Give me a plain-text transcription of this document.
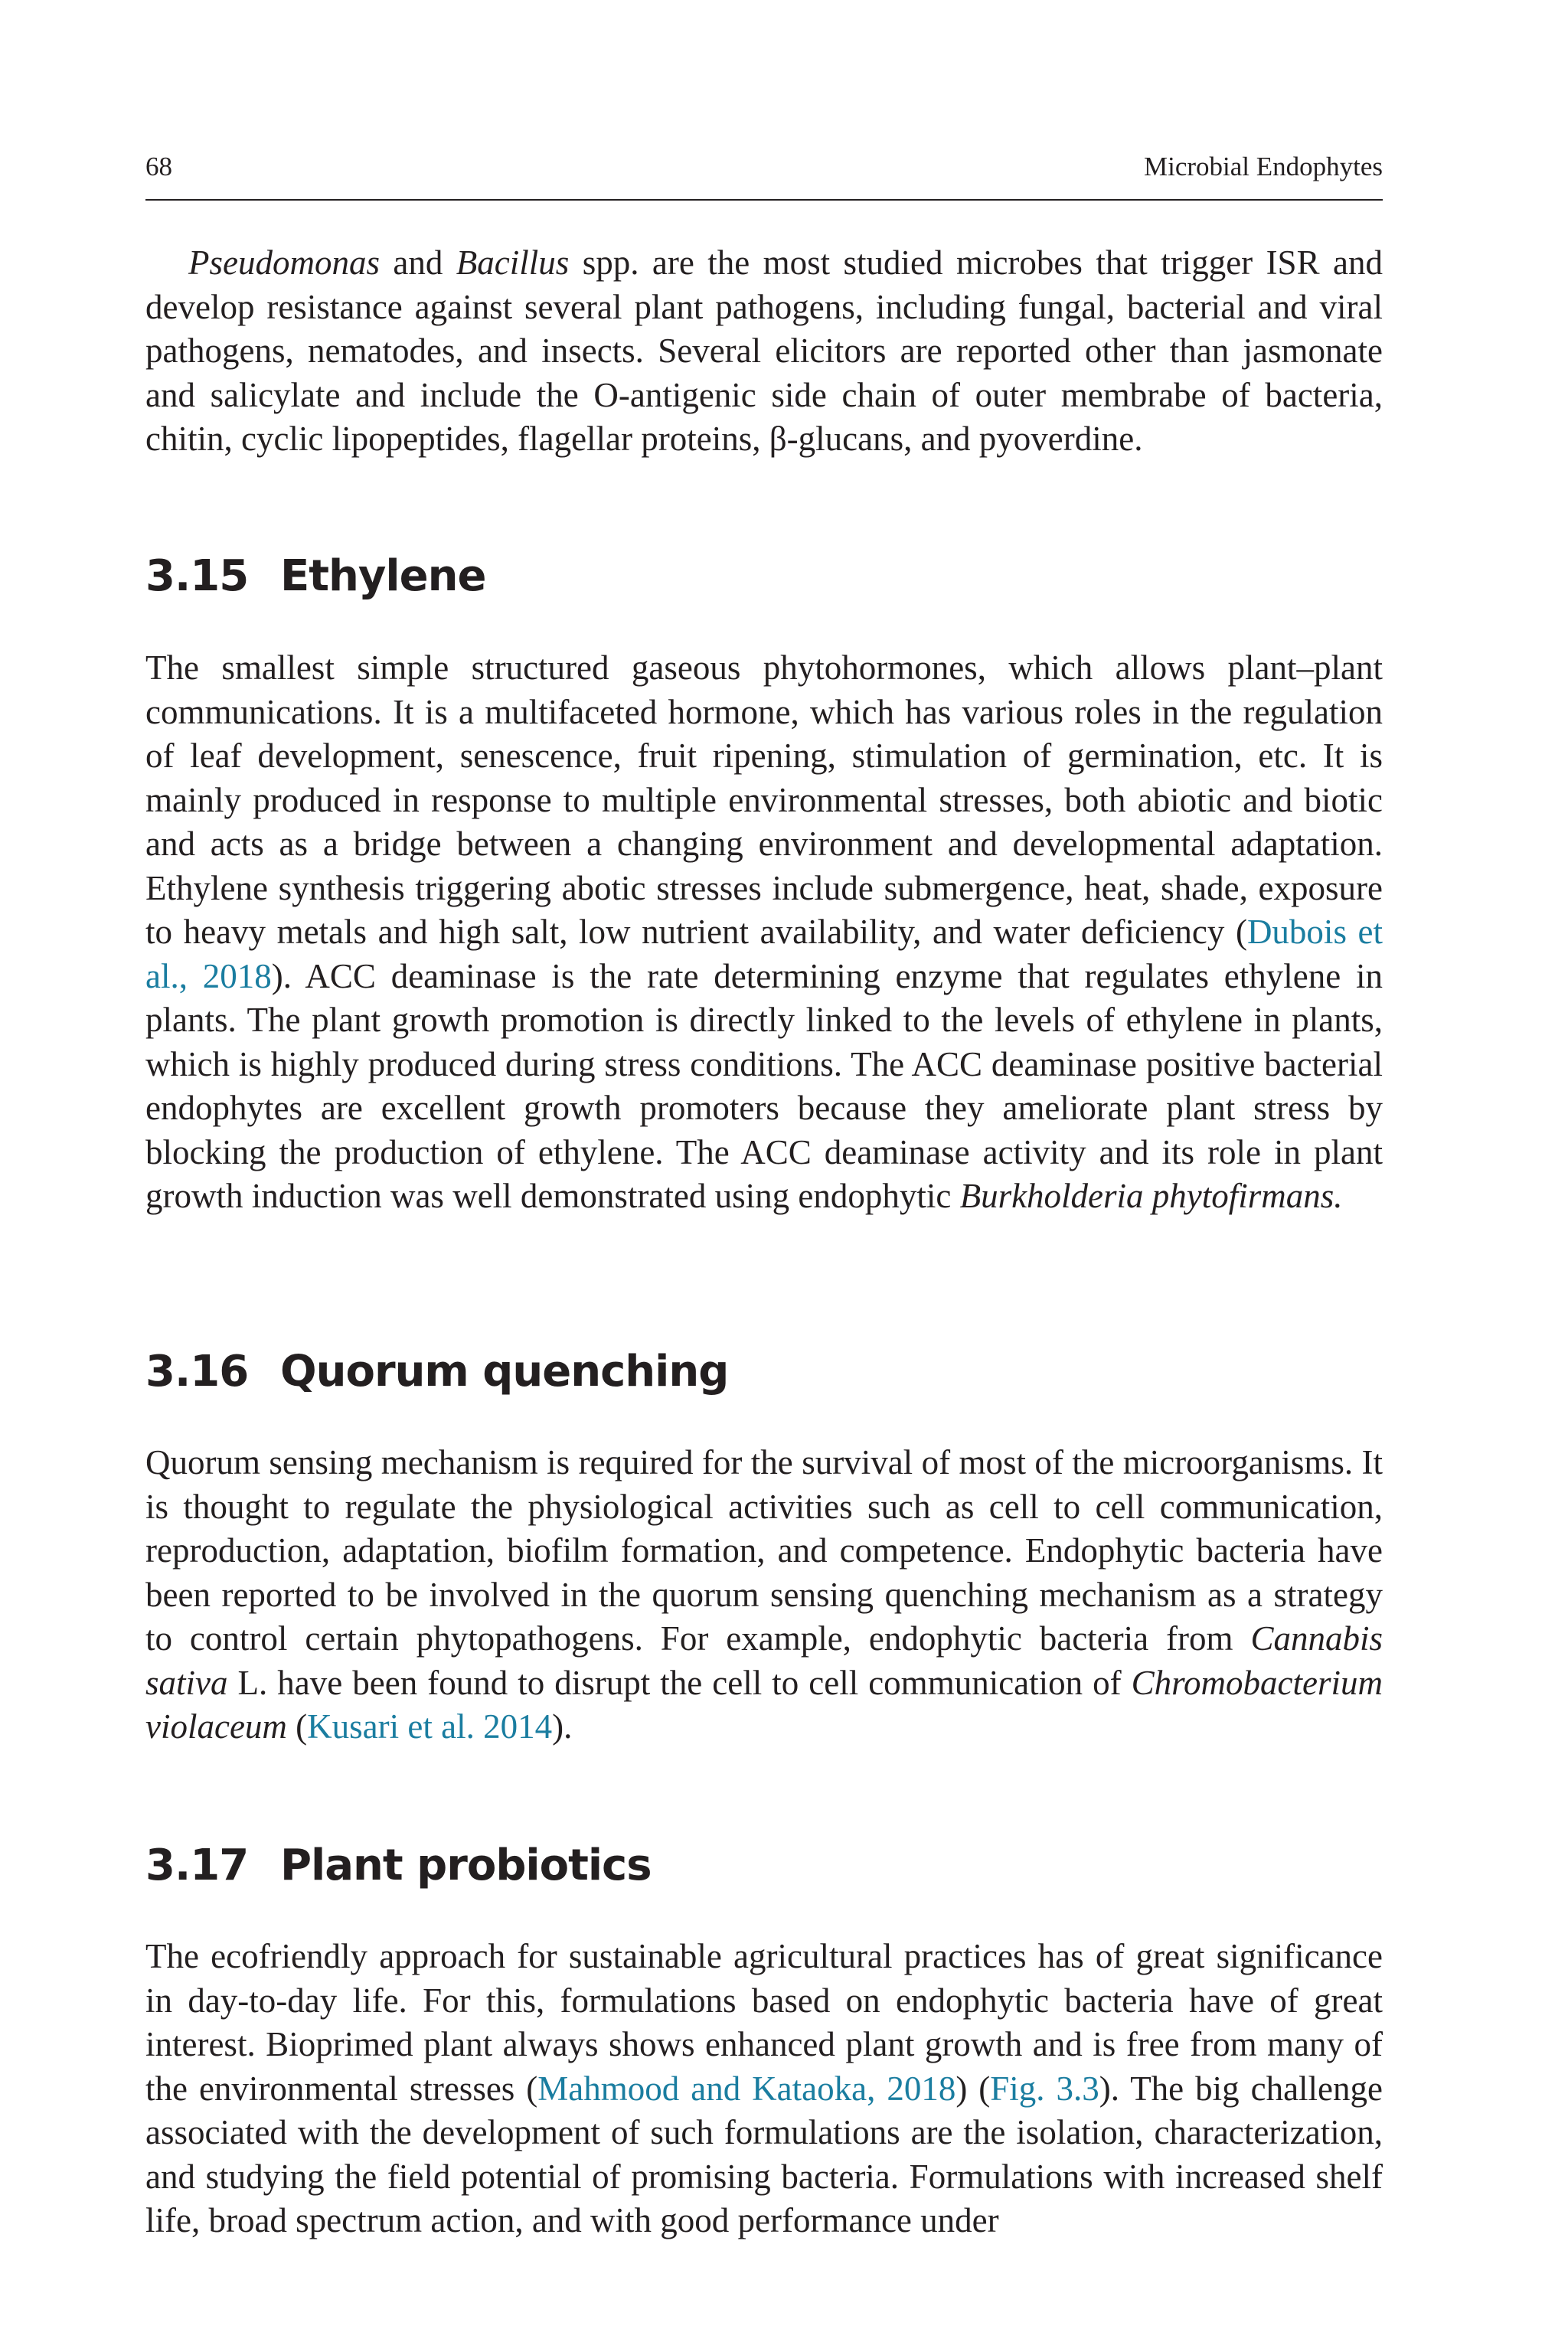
68	Microbial Endophytes

Pseudomonas and Bacillus spp. are the most studied microbes that trigger ISR and develop resistance against several plant pathogens, including fungal, bacterial and viral pathogens, nematodes, and insects. Several elicitors are reported other than jasmonate and salicylate and include the O-antigenic side chain of outer membrabe of bacteria, chitin, cyclic lipopeptides, flagellar proteins, β-glucans, and pyoverdine.

3.15 Ethylene

The smallest simple structured gaseous phytohormones, which allows plant–plant communications. It is a multifaceted hormone, which has various roles in the regulation of leaf development, senescence, fruit ripening, stimulation of germination, etc. It is mainly produced in response to multiple environmental stresses, both abiotic and biotic and acts as a bridge between a changing environment and developmental adaptation. Ethylene synthesis triggering abotic stresses include submergence, heat, shade, exposure to heavy metals and high salt, low nutrient availability, and water deficiency (Dubois et al., 2018). ACC deaminase is the rate determining enzyme that regulates ethylene in plants. The plant growth promotion is directly linked to the levels of ethylene in plants, which is highly produced during stress conditions. The ACC deaminase positive bacterial endophytes are excellent growth promoters because they ameliorate plant stress by blocking the production of ethylene. The ACC deaminase activity and its role in plant growth induction was well demonstrated using endophytic Burkholderia phytofirmans.

3.16 Quorum quenching

Quorum sensing mechanism is required for the survival of most of the microorganisms. It is thought to regulate the physiological activities such as cell to cell communication, reproduction, adaptation, biofilm formation, and competence. Endophytic bacteria have been reported to be involved in the quorum sensing quenching mechanism as a strategy to control certain phytopathogens. For example, endophytic bacteria from Cannabis sativa L. have been found to disrupt the cell to cell communication of Chromobacterium violaceum (Kusari et al. 2014).

3.17 Plant probiotics

The ecofriendly approach for sustainable agricultural practices has of great significance in day-to-day life. For this, formulations based on endophytic bacteria have of great interest. Bioprimed plant always shows enhanced plant growth and is free from many of the environmental stresses (Mahmood and Kataoka, 2018) (Fig. 3.3). The big challenge associated with the development of such formulations are the isolation, characterization, and studying the field potential of promising bacteria. Formulations with increased shelf life, broad spectrum action, and with good performance under
